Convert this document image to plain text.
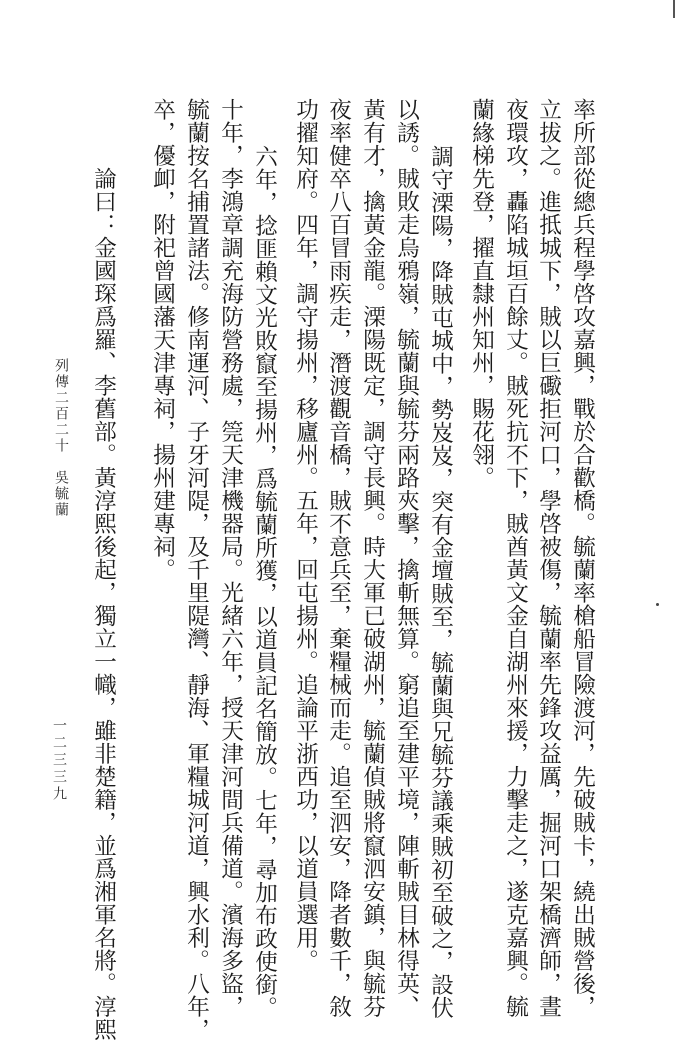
率所部從總兵程學啓攻嘉興，戰於合歡橋。毓蘭率槍船冒險渡河，先破賊卡，繞出賊營後，
立拔之。進抵城下，賊以巨礮拒河口，學啓被傷，毓蘭率先鋒攻益厲，掘河口架橋濟師，晝
夜環攻，轟陷城垣百餘丈。賊死抗不下，賊酋黃文金自湖州來援，力擊走之，遂克嘉興。毓
蘭緣梯先登，擢直隸州知州，賜花翎。
調守溧陽，降賊屯城中，勢岌岌，突有金壇賊至，毓蘭與兄毓芬議乘賊初至破之，設伏
以誘。賊敗走烏鴉嶺，毓蘭與毓芬兩路夾擊，擒斬無算。窮追至建平境，陣斬賊目林得英、
黃有才，擒黃金龍。溧陽既定，調守長興。時大軍已破湖州，毓蘭偵賊將竄泗安鎮，與毓芬
夜率健卒八百冒雨疾走，潛渡觀音橋，賊不意兵至，棄糧械而走。追至泗安，降者數千，敘
功擢知府。四年，調守揚州，移廬州。五年，回屯揚州。追論平浙西功，以道員選用。
六年，捻匪賴文光敗竄至揚州，爲毓蘭所獲，以道員記名簡放。七年，尋加布政使銜。
十年，李鴻章調充海防營務處，筦天津機器局。光緒六年，授天津河間兵備道。濱海多盜，
毓蘭按名捕置諸法。修南運河、子牙河隄，及千里隄灣、靜海、軍糧城河道，興水利。八年，
卒，優卹，附祀曾國藩天津專祠，揚州建專祠。
論曰：金國琛爲羅、李舊部。黃淳熙後起，獨立一幟，雖非楚籍，並爲湘軍名將。淳熙
列傳二百二十　吳毓蘭
一二三三九
